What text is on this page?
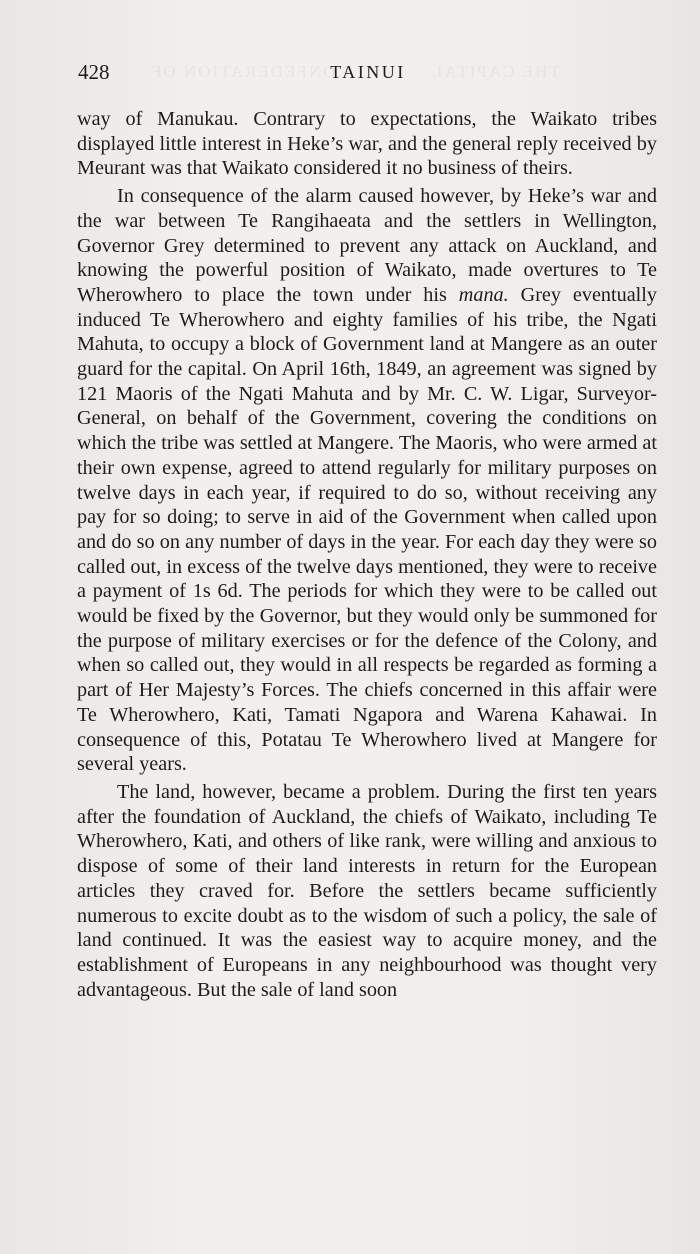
428	TAINUI
CONFEDERATION OF	THE CAPITAL

way of Manukau. Contrary to expectations, the Waikato tribes displayed little interest in Heke’s war, and the general reply received by Meurant was that Waikato considered it no business of theirs.

In consequence of the alarm caused however, by Heke’s war and the war between Te Rangihaeata and the settlers in Wellington, Governor Grey determined to prevent any attack on Auckland, and knowing the powerful position of Waikato, made overtures to Te Wherowhero to place the town under his mana. Grey eventually induced Te Wherowhero and eighty families of his tribe, the Ngati Mahuta, to occupy a block of Government land at Mangere as an outer guard for the capital. On April 16th, 1849, an agreement was signed by 121 Maoris of the Ngati Mahuta and by Mr. C. W. Ligar, Surveyor-General, on behalf of the Government, covering the conditions on which the tribe was settled at Mangere. The Maoris, who were armed at their own expense, agreed to attend regularly for military purposes on twelve days in each year, if required to do so, without receiving any pay for so doing; to serve in aid of the Government when called upon and do so on any number of days in the year. For each day they were so called out, in excess of the twelve days mentioned, they were to receive a payment of 1s 6d. The periods for which they were to be called out would be fixed by the Governor, but they would only be summoned for the purpose of military exercises or for the defence of the Colony, and when so called out, they would in all respects be regarded as forming a part of Her Majesty’s Forces. The chiefs concerned in this affair were Te Wherowhero, Kati, Tamati Ngapora and Warena Kahawai. In consequence of this, Potatau Te Wherowhero lived at Mangere for several years.

The land, however, became a problem. During the first ten years after the foundation of Auckland, the chiefs of Waikato, including Te Wherowhero, Kati, and others of like rank, were willing and anxious to dispose of some of their land interests in return for the European articles they craved for. Before the settlers became sufficiently numerous to excite doubt as to the wisdom of such a policy, the sale of land continued. It was the easiest way to acquire money, and the establishment of Europeans in any neighbourhood was thought very advantageous. But the sale of land soon
